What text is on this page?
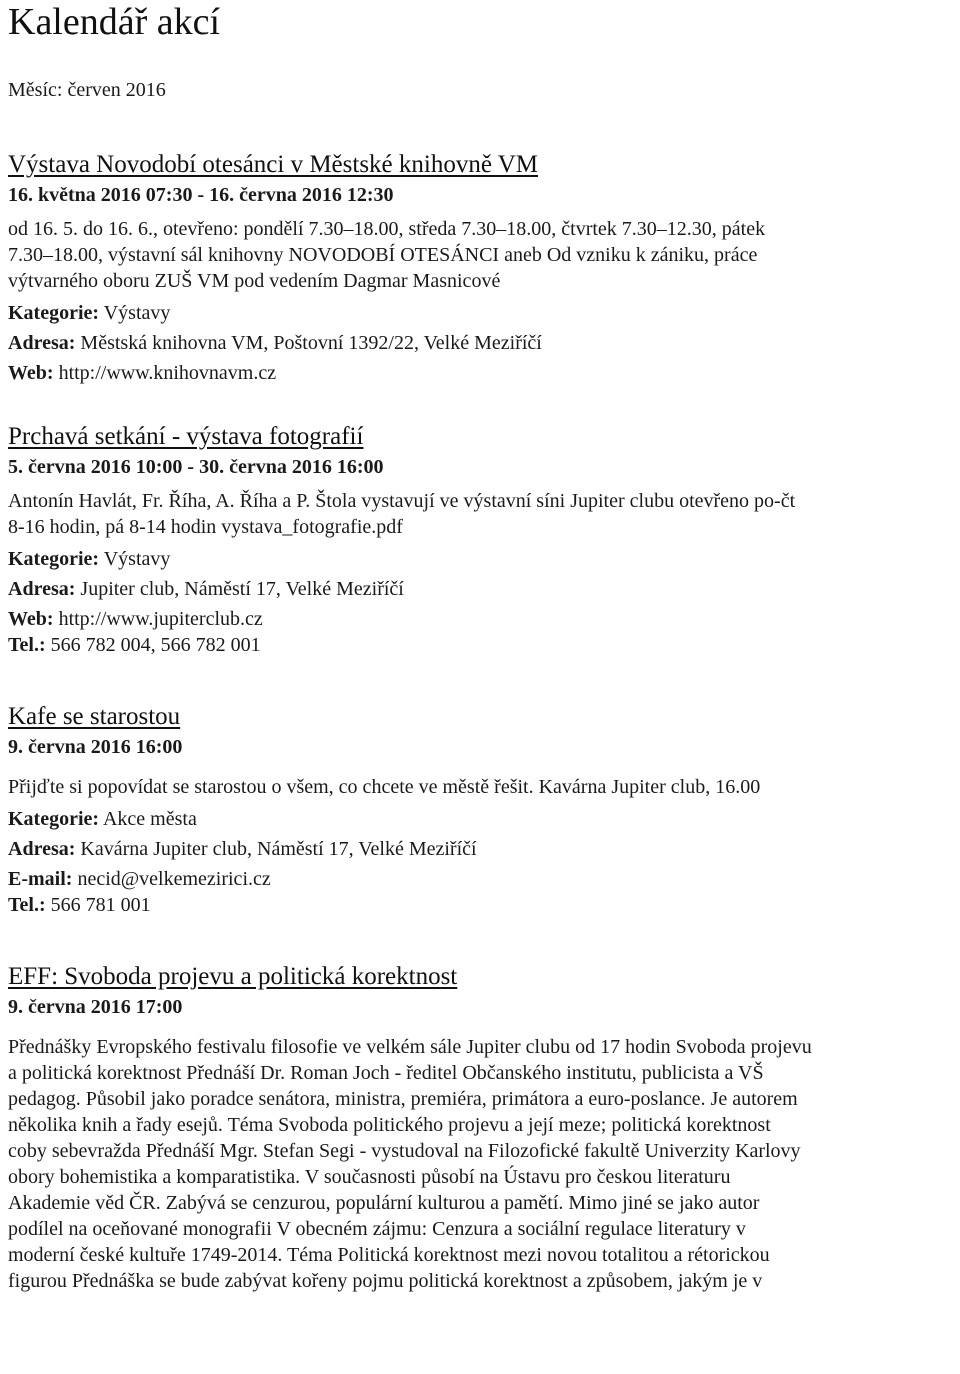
Kalendář akcí
Měsíc: červen 2016
Výstava Novodobí otesánci v Městské knihovně VM
16. května 2016 07:30 - 16. června 2016 12:30
od 16. 5. do 16. 6., otevřeno: pondělí 7.30–18.00, středa 7.30–18.00, čtvrtek 7.30–12.30, pátek
7.30–18.00, výstavní sál knihovny NOVODOBÍ OTESÁNCI aneb Od vzniku k zániku, práce
výtvarného oboru ZUŠ VM pod vedením Dagmar Masnicové
Kategorie: Výstavy
Adresa: Městská knihovna VM, Poštovní 1392/22, Velké Meziříčí
Web: http://www.knihovnavm.cz
Prchavá setkání - výstava fotografií
5. června 2016 10:00 - 30. června 2016 16:00
Antonín Havlát, Fr. Říha, A. Říha a P. Štola vystavují ve výstavní síni Jupiter clubu otevřeno po-čt
8-16 hodin, pá 8-14 hodin vystava_fotografie.pdf
Kategorie: Výstavy
Adresa: Jupiter club, Náměstí 17, Velké Meziříčí
Web: http://www.jupiterclub.cz
Tel.: 566 782 004, 566 782 001
Kafe se starostou
9. června 2016 16:00
Přijďte si popovídat se starostou o všem, co chcete ve městě řešit. Kavárna Jupiter club, 16.00
Kategorie: Akce města
Adresa: Kavárna Jupiter club, Náměstí 17, Velké Meziříčí
E-mail: necid@velkemezirici.cz
Tel.: 566 781 001
EFF: Svoboda projevu a politická korektnost
9. června 2016 17:00
Přednášky Evropského festivalu filosofie ve velkém sále Jupiter clubu od 17 hodin Svoboda projevu
a politická korektnost Přednáší Dr. Roman Joch - ředitel Občanského institutu, publicista a VŠ
pedagog. Působil jako poradce senátora, ministra, premiéra, primátora a euro-poslance. Je autorem
několika knih a řady esejů. Téma Svoboda politického projevu a její meze; politická korektnost
coby sebevražda Přednáší Mgr. Stefan Segi - vystudoval na Filozofické fakultě Univerzity Karlovy
obory bohemistika a komparatistika. V současnosti působí na Ústavu pro českou literaturu
Akademie věd ČR. Zabývá se cenzurou, populární kulturou a pamětí. Mimo jiné se jako autor
podílel na oceňované monografii V obecném zájmu: Cenzura a sociální regulace literatury v
moderní české kultuře 1749-2014. Téma Politická korektnost mezi novou totalitou a rétorickou
figurou Přednáška se bude zabývat kořeny pojmu politická korektnost a způsobem, jakým je v
